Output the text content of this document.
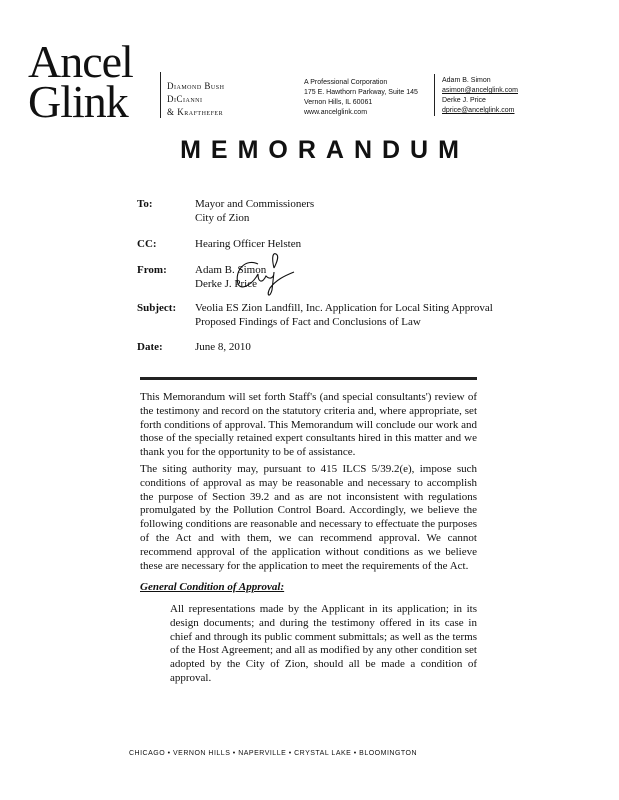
Ancel
Glink	Diamond Bush
DiCianni
& Krafthefer
A Professional Corporation
175 E. Hawthorn Parkway, Suite 145
Vernon Hills, IL 60061
www.ancelglink.com
Adam B. Simon
asimon@ancelglink.com
Derke J. Price
dprice@ancelglink.com
MEMORANDUM
To:	Mayor and Commissioners
City of Zion
CC:	Hearing Officer Helsten
From:	Adam B. Simon
Derke J. Price
Subject:	Veolia ES Zion Landfill, Inc. Application for Local Siting Approval
Proposed Findings of Fact and Conclusions of Law
Date:	June 8, 2010
This Memorandum will set forth Staff's (and special consultants') review of the testimony and record on the statutory criteria and, where appropriate, set forth conditions of approval. This Memorandum will conclude our work and those of the specially retained expert consultants hired in this matter and we thank you for the opportunity to be of assistance.
The siting authority may, pursuant to 415 ILCS 5/39.2(e), impose such conditions of approval as may be reasonable and necessary to accomplish the purpose of Section 39.2 and as are not inconsistent with regulations promulgated by the Pollution Control Board. Accordingly, we believe the following conditions are reasonable and necessary to effectuate the purposes of the Act and with them, we can recommend approval. We cannot recommend approval of the application without conditions as we believe these are necessary for the application to meet the requirements of the Act.
General Condition of Approval:
All representations made by the Applicant in its application; in its design documents; and during the testimony offered in its case in chief and through its public comment submittals; as well as the terms of the Host Agreement; and all as modified by any other condition set adopted by the City of Zion, should all be made a condition of approval.
CHICAGO • VERNON HILLS • NAPERVILLE • CRYSTAL LAKE • BLOOMINGTON
